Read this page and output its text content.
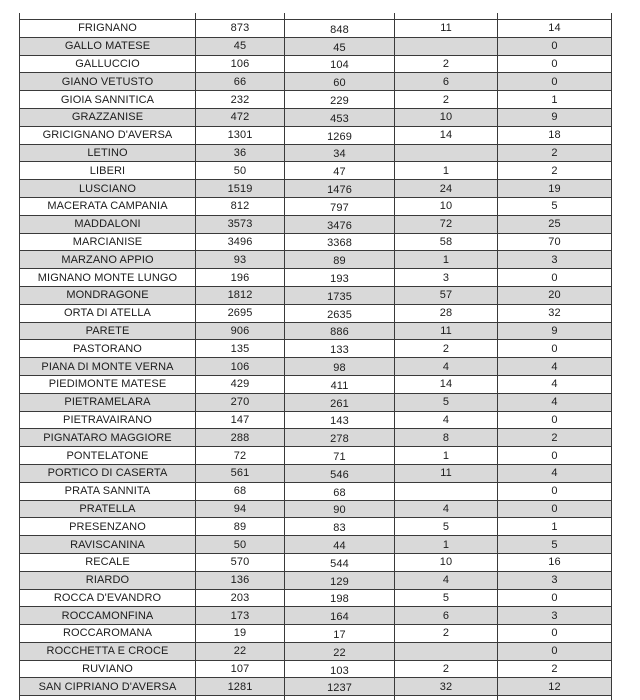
FRIGNANO	873	848	11	14
GALLO MATESE	45	45		0
GALLUCCIO	106	104	2	0
GIANO VETUSTO	66	60	6	0
GIOIA SANNITICA	232	229	2	1
GRAZZANISE	472	453	10	9
GRICIGNANO D'AVERSA	1301	1269	14	18
LETINO	36	34		2
LIBERI	50	47	1	2
LUSCIANO	1519	1476	24	19
MACERATA CAMPANIA	812	797	10	5
MADDALONI	3573	3476	72	25
MARCIANISE	3496	3368	58	70
MARZANO APPIO	93	89	1	3
MIGNANO MONTE LUNGO	196	193	3	0
MONDRAGONE	1812	1735	57	20
ORTA DI ATELLA	2695	2635	28	32
PARETE	906	886	11	9
PASTORANO	135	133	2	0
PIANA DI MONTE VERNA	106	98	4	4
PIEDIMONTE MATESE	429	411	14	4
PIETRAMELARA	270	261	5	4
PIETRAVAIRANO	147	143	4	0
PIGNATARO MAGGIORE	288	278	8	2
PONTELATONE	72	71	1	0
PORTICO DI CASERTA	561	546	11	4
PRATA SANNITA	68	68		0
PRATELLA	94	90	4	0
PRESENZANO	89	83	5	1
RAVISCANINA	50	44	1	5
RECALE	570	544	10	16
RIARDO	136	129	4	3
ROCCA D'EVANDRO	203	198	5	0
ROCCAMONFINA	173	164	6	3
ROCCAROMANA	19	17	2	0
ROCCHETTA E CROCE	22	22		0
RUVIANO	107	103	2	2
SAN CIPRIANO D'AVERSA	1281	1237	32	12
